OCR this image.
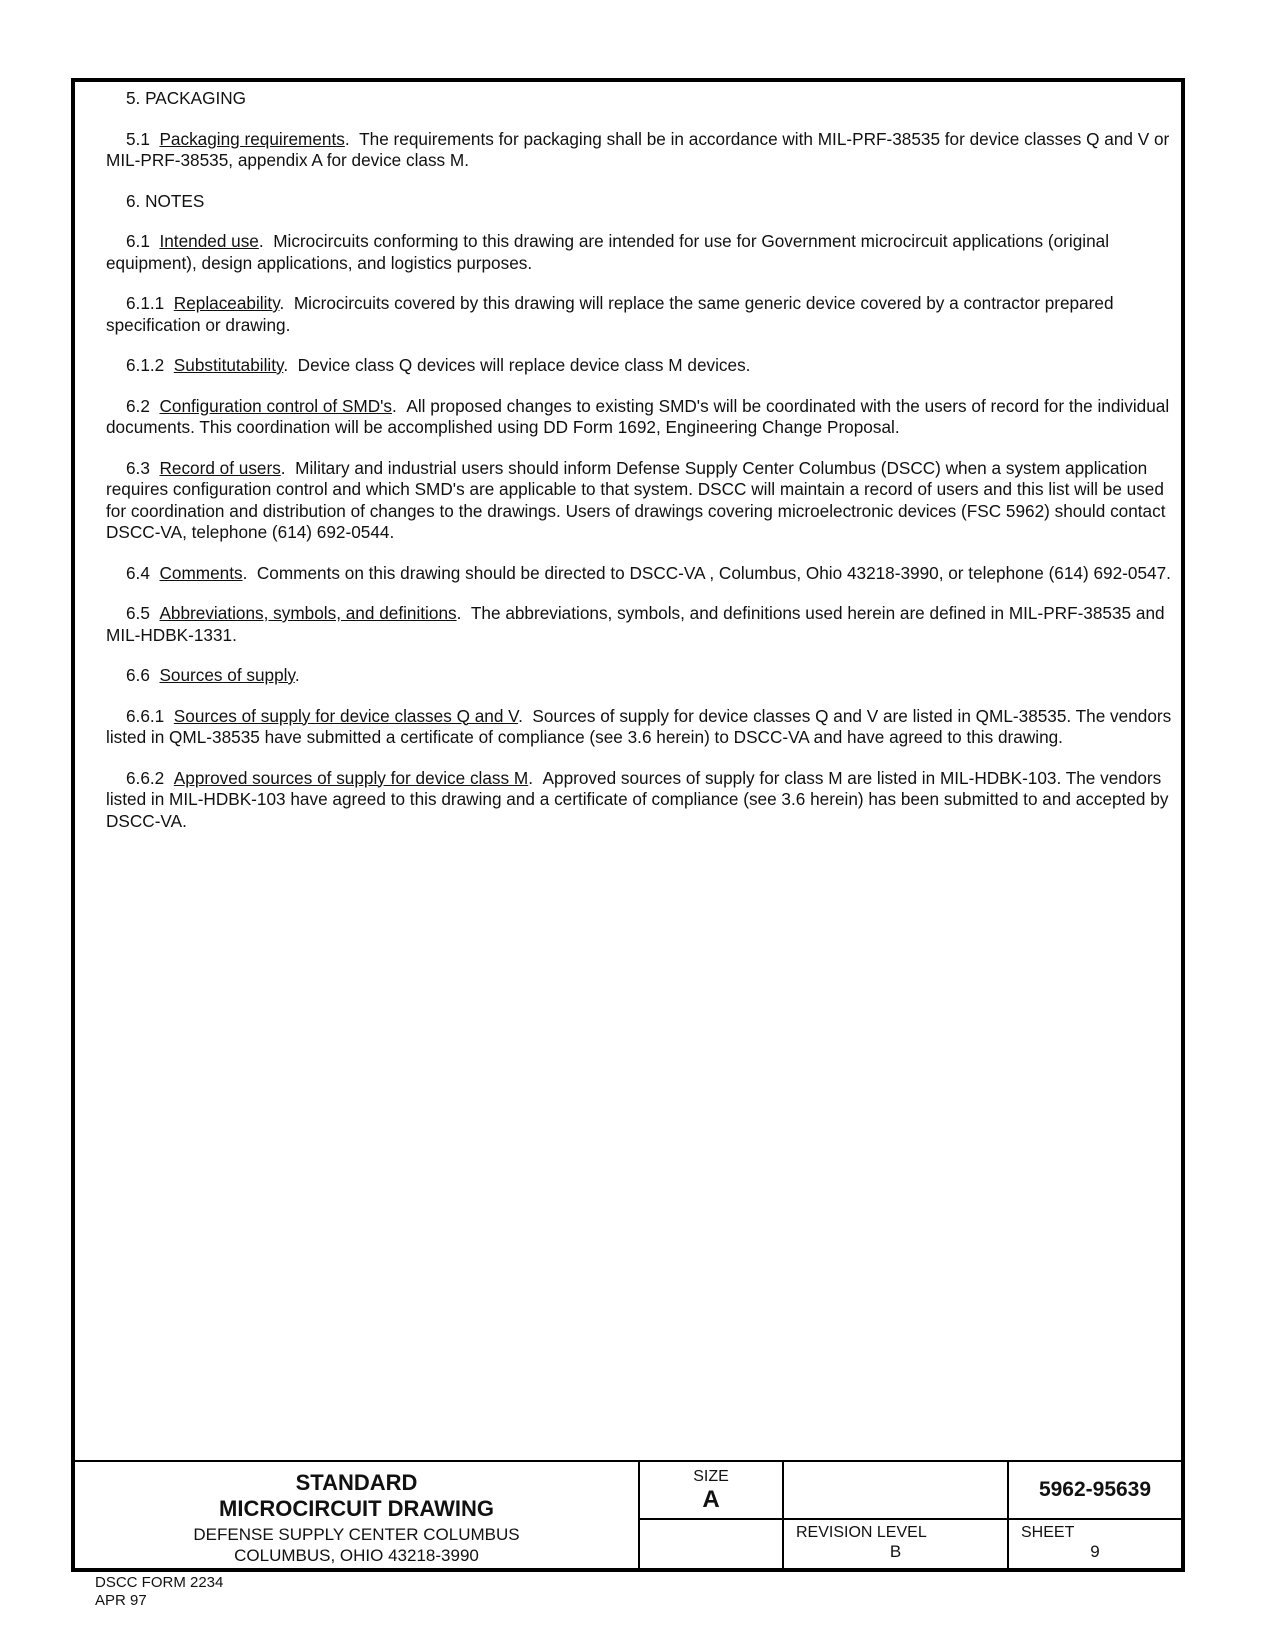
5. PACKAGING

5.1 Packaging requirements.  The requirements for packaging shall be in accordance with MIL-PRF-38535 for device classes Q and V or MIL-PRF-38535, appendix A for device class M.

6. NOTES

6.1 Intended use.  Microcircuits conforming to this drawing are intended for use for Government microcircuit applications (original equipment), design applications, and logistics purposes.

6.1.1 Replaceability.  Microcircuits covered by this drawing will replace the same generic device covered by a contractor prepared specification or drawing.

6.1.2 Substitutability.  Device class Q devices will replace device class M devices.

6.2 Configuration control of SMD's.  All proposed changes to existing SMD's will be coordinated with the users of record for the individual documents. This coordination will be accomplished using DD Form 1692, Engineering Change Proposal.

6.3 Record of users.  Military and industrial users should inform Defense Supply Center Columbus (DSCC) when a system application requires configuration control and which SMD's are applicable to that system. DSCC will maintain a record of users and this list will be used for coordination and distribution of changes to the drawings. Users of drawings covering microelectronic devices (FSC 5962) should contact DSCC-VA, telephone (614) 692-0544.

6.4 Comments.  Comments on this drawing should be directed to DSCC-VA , Columbus, Ohio 43218-3990, or telephone (614) 692-0547.

6.5 Abbreviations, symbols, and definitions.  The abbreviations, symbols, and definitions used herein are defined in MIL-PRF-38535 and MIL-HDBK-1331.

6.6 Sources of supply.

6.6.1 Sources of supply for device classes Q and V.  Sources of supply for device classes Q and V are listed in QML-38535. The vendors listed in QML-38535 have submitted a certificate of compliance (see 3.6 herein) to DSCC-VA and have agreed to this drawing.

6.6.2 Approved sources of supply for device class M.  Approved sources of supply for class M are listed in MIL-HDBK-103. The vendors listed in MIL-HDBK-103 have agreed to this drawing and a certificate of compliance (see 3.6 herein) has been submitted to and accepted by DSCC-VA.

STANDARD
MICROCIRCUIT DRAWING
DEFENSE SUPPLY CENTER COLUMBUS
COLUMBUS, OHIO 43218-3990
SIZE
A	5962-95639
REVISION LEVEL
B
SHEET
9
DSCC FORM 2234
APR 97
